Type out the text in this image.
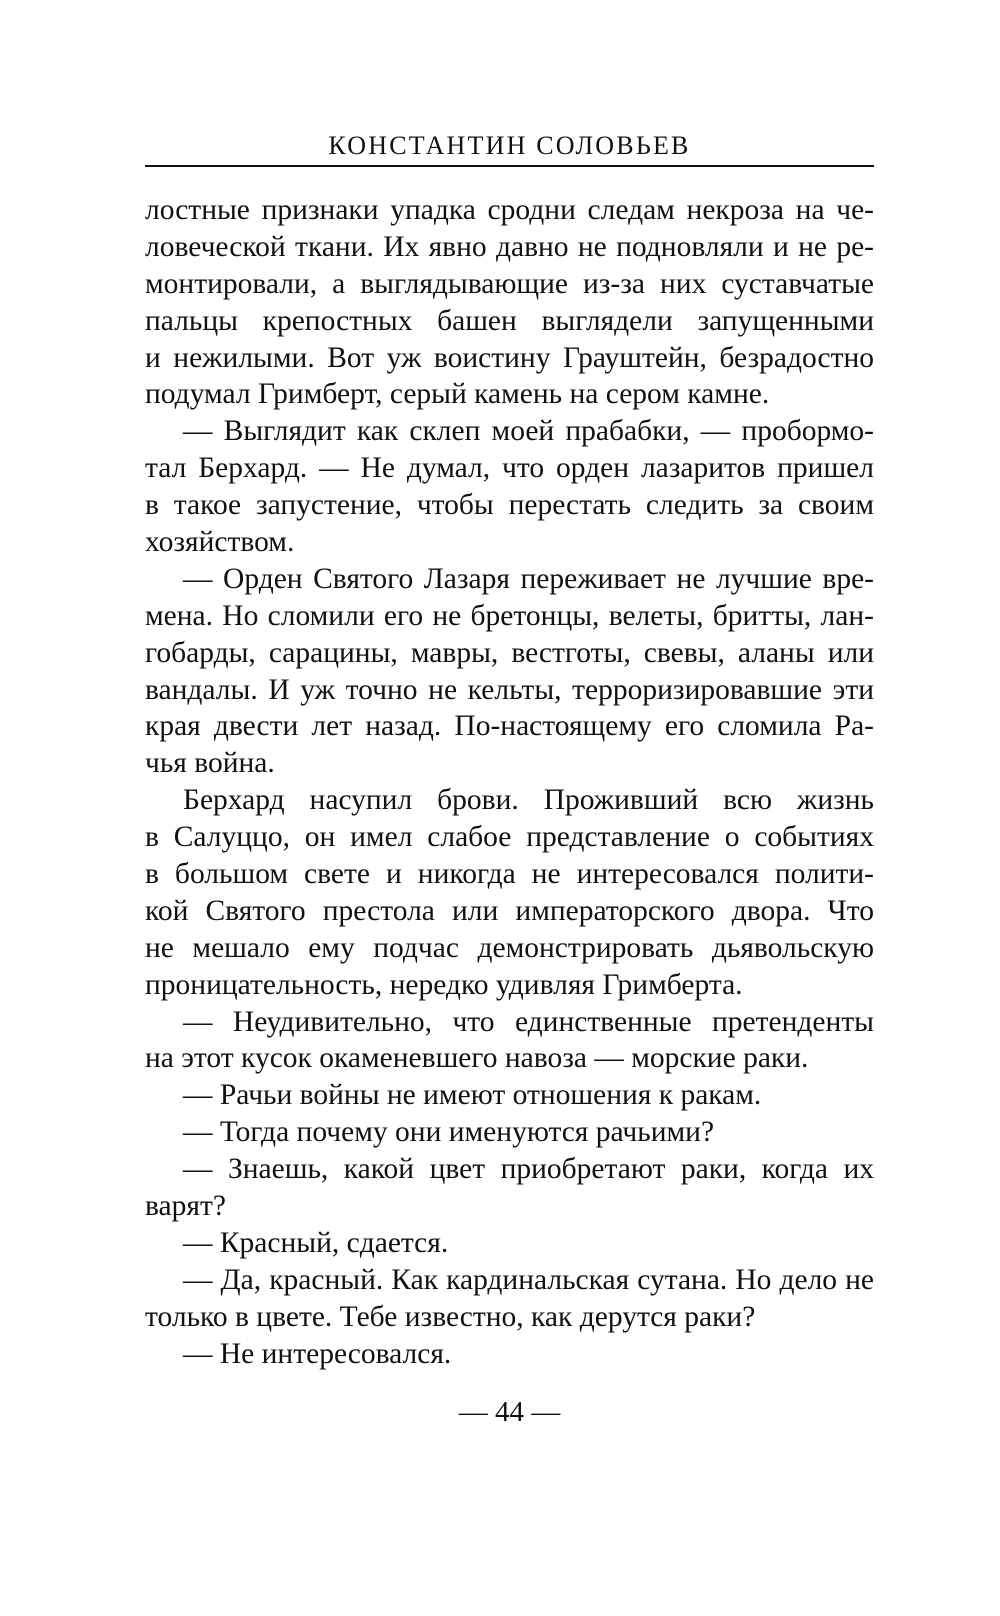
КОНСТАНТИН СОЛОВЬЕВ
лостные признаки упадка сродни следам некроза на че-
ловеческой ткани. Их явно давно не подновляли и не ре-
монтировали, а выглядывающие из-за них суставчатые
пальцы крепостных башен выглядели запущенными
и нежилыми. Вот уж воистину Грауштейн, безрадостно
подумал Гримберт, серый камень на сером камне.
— Выглядит как склеп моей прабабки, — пробормо-
тал Берхард. — Не думал, что орден лазаритов пришел
в такое запустение, чтобы перестать следить за своим
хозяйством.
— Орден Святого Лазаря переживает не лучшие вре-
мена. Но сломили его не бретонцы, велеты, бритты, лан-
гобарды, сарацины, мавры, вестготы, свевы, аланы или
вандалы. И уж точно не кельты, терроризировавшие эти
края двести лет назад. По-настоящему его сломила Ра-
чья война.
Берхард насупил брови. Проживший всю жизнь
в Салуццо, он имел слабое представление о событиях
в большом свете и никогда не интересовался полити-
кой Святого престола или императорского двора. Что
не мешало ему подчас демонстрировать дьявольскую
проницательность, нередко удивляя Гримберта.
— Неудивительно, что единственные претенденты
на этот кусок окаменевшего навоза — морские раки.
— Рачьи войны не имеют отношения к ракам.
— Тогда почему они именуются рачьими?
— Знаешь, какой цвет приобретают раки, когда их
варят?
— Красный, сдается.
— Да, красный. Как кардинальская сутана. Но дело не
только в цвете. Тебе известно, как дерутся раки?
— Не интересовался.
— 44 —
